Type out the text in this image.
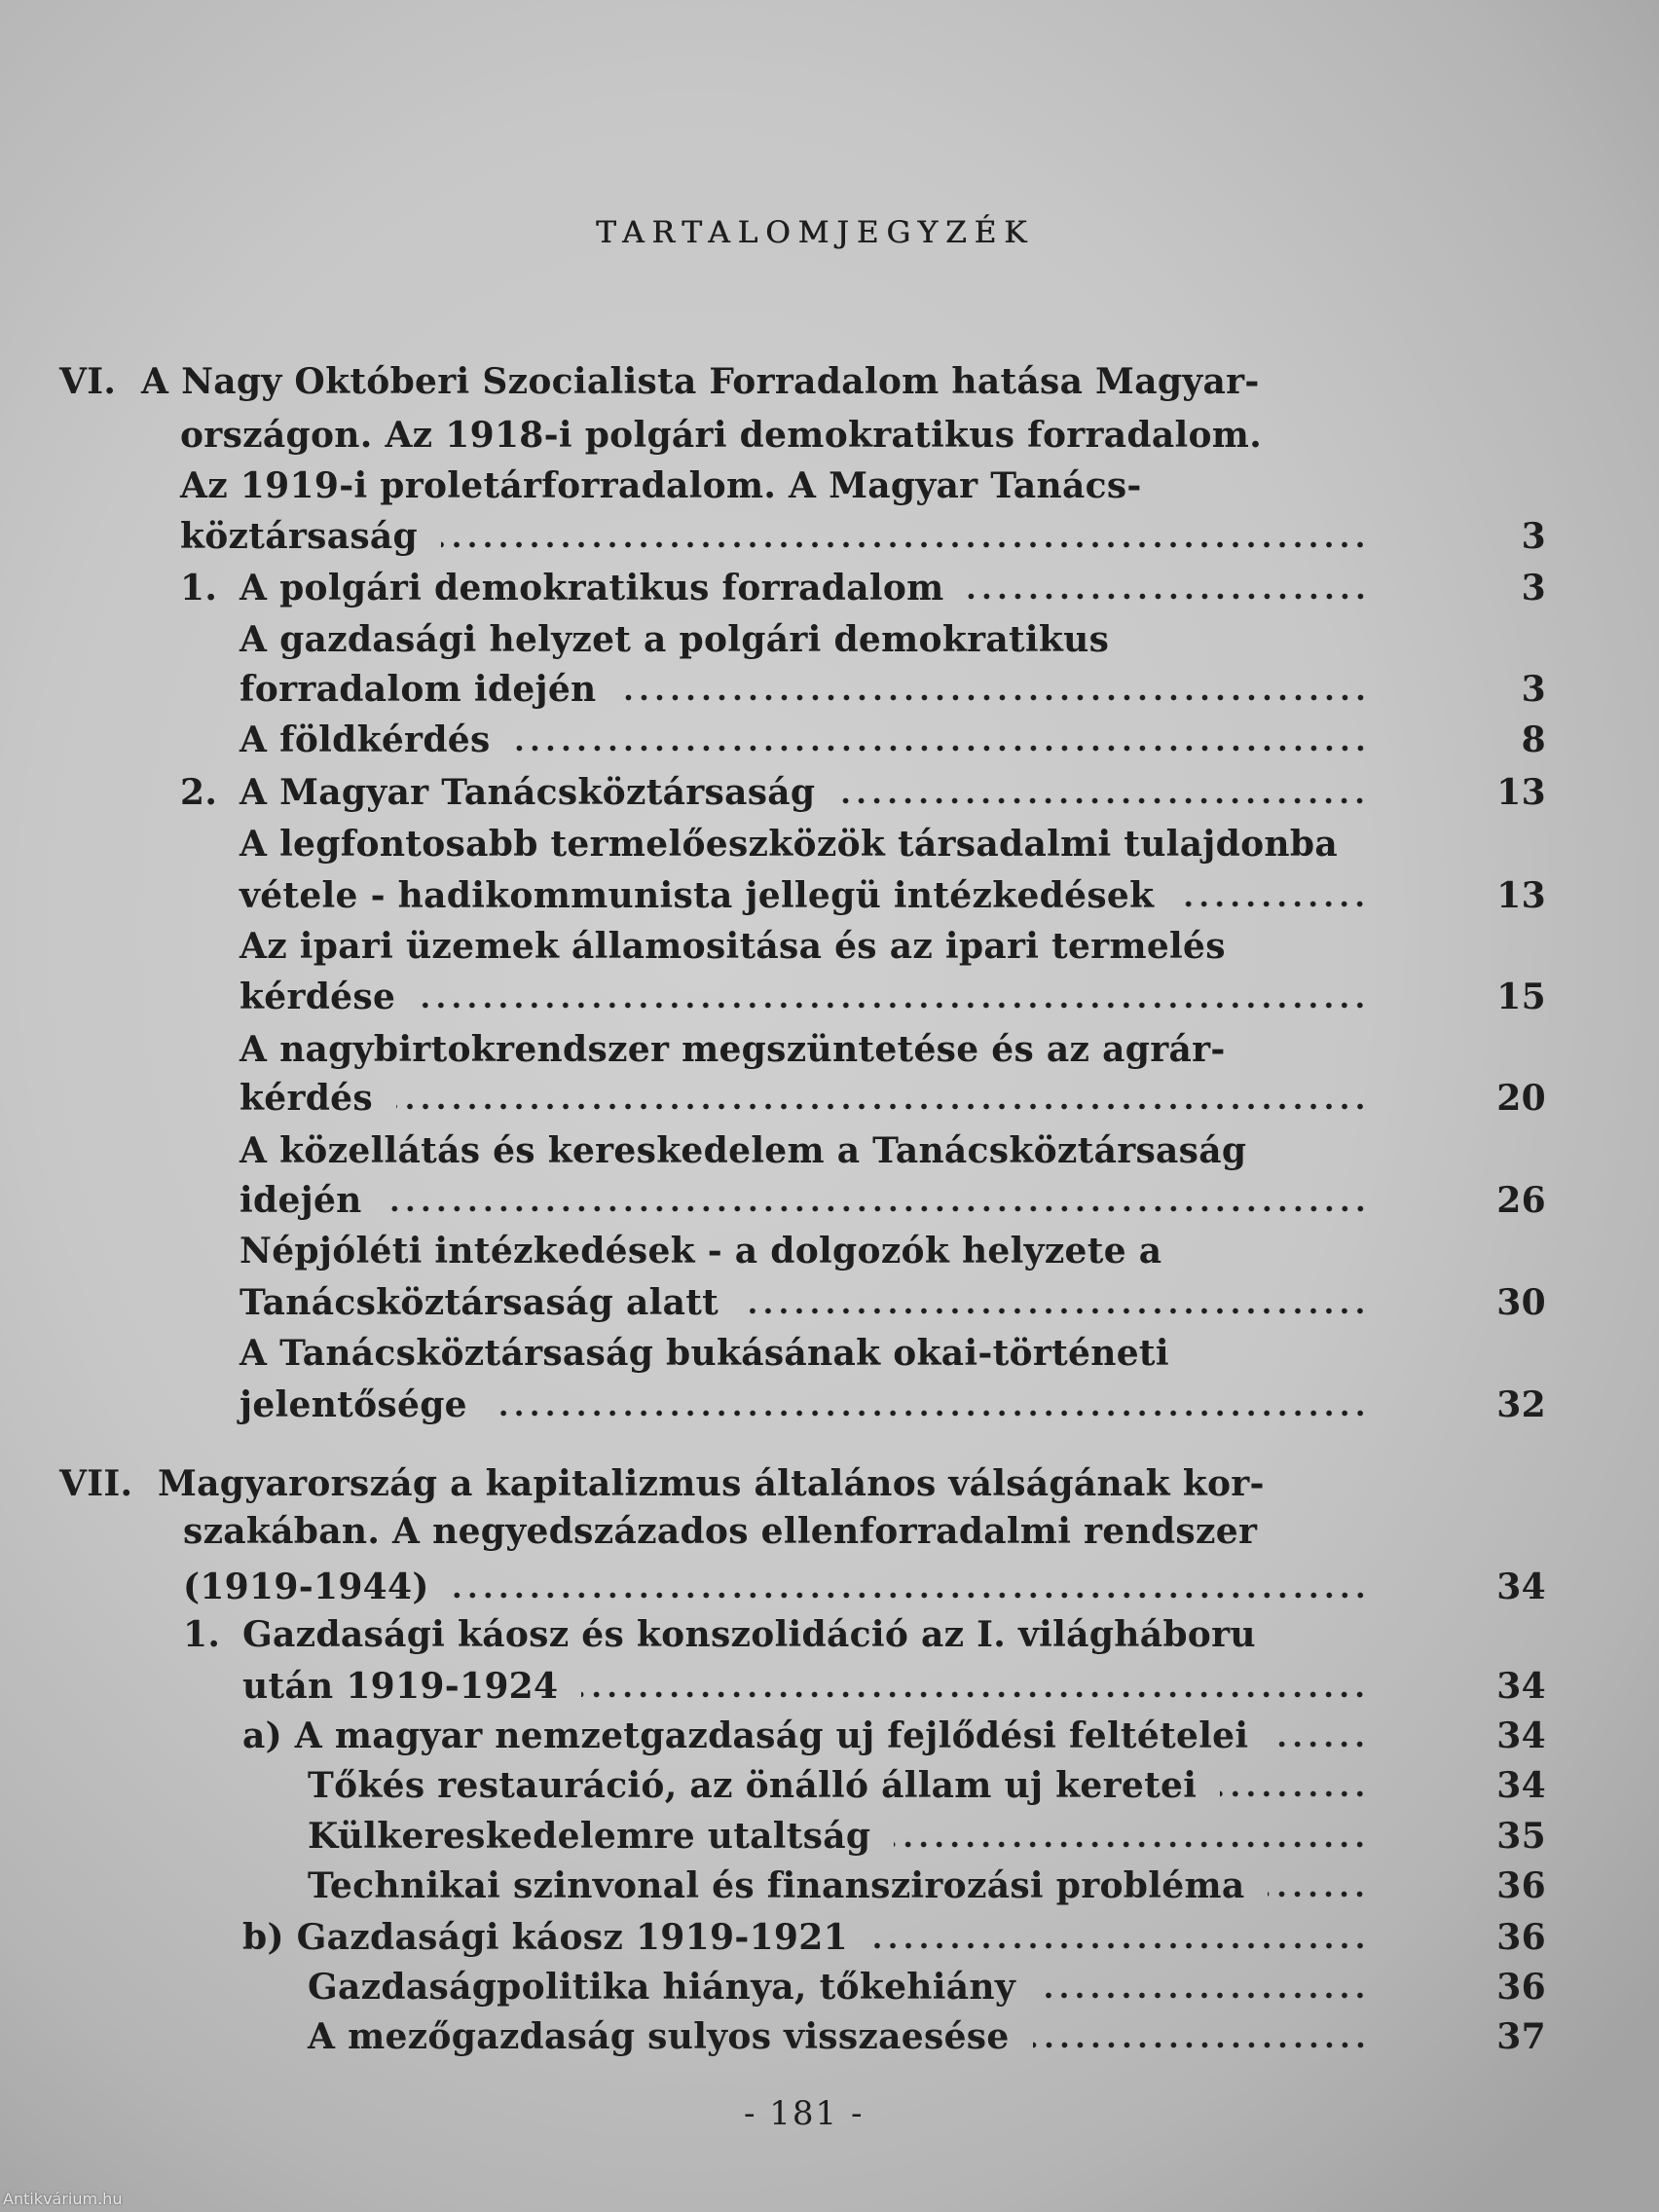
TARTALOMJEGYZÉK
VI. A Nagy Októberi Szocialista Forradalom hatása Magyar-
országon. Az 1918-i polgári demokratikus forradalom.
Az 1919-i proletárforradalom. A Magyar Tanács-
köztársaság	3
1. A polgári demokratikus forradalom	3
A gazdasági helyzet a polgári demokratikus
forradalom idején	3
A földkérdés	8
2. A Magyar Tanácsköztársaság	13
A legfontosabb termelőeszközök társadalmi tulajdonba
vétele - hadikommunista jellegü intézkedések	13
Az ipari üzemek államositása és az ipari termelés
kérdése	15
A nagybirtokrendszer megszüntetése és az agrár-
kérdés	20
A közellátás és kereskedelem a Tanácsköztársaság
idején	26
Népjóléti intézkedések - a dolgozók helyzete a
Tanácsköztársaság alatt	30
A Tanácsköztársaság bukásának okai-történeti
jelentősége	32
VII. Magyarország a kapitalizmus általános válságának kor-
szakában. A negyedszázados ellenforradalmi rendszer
(1919-1944)	34
1. Gazdasági káosz és konszolidáció az I. világháboru
után 1919-1924	34
a) A magyar nemzetgazdaság uj fejlődési feltételei	34
Tőkés restauráció, az önálló állam uj keretei	34
Külkereskedelemre utaltság	35
Technikai szinvonal és finanszirozási probléma	36
b) Gazdasági káosz 1919-1921	36
Gazdaságpolitika hiánya, tőkehiány	36
A mezőgazdaság sulyos visszaesése	37
- 181 -
Antikvárium.hu
